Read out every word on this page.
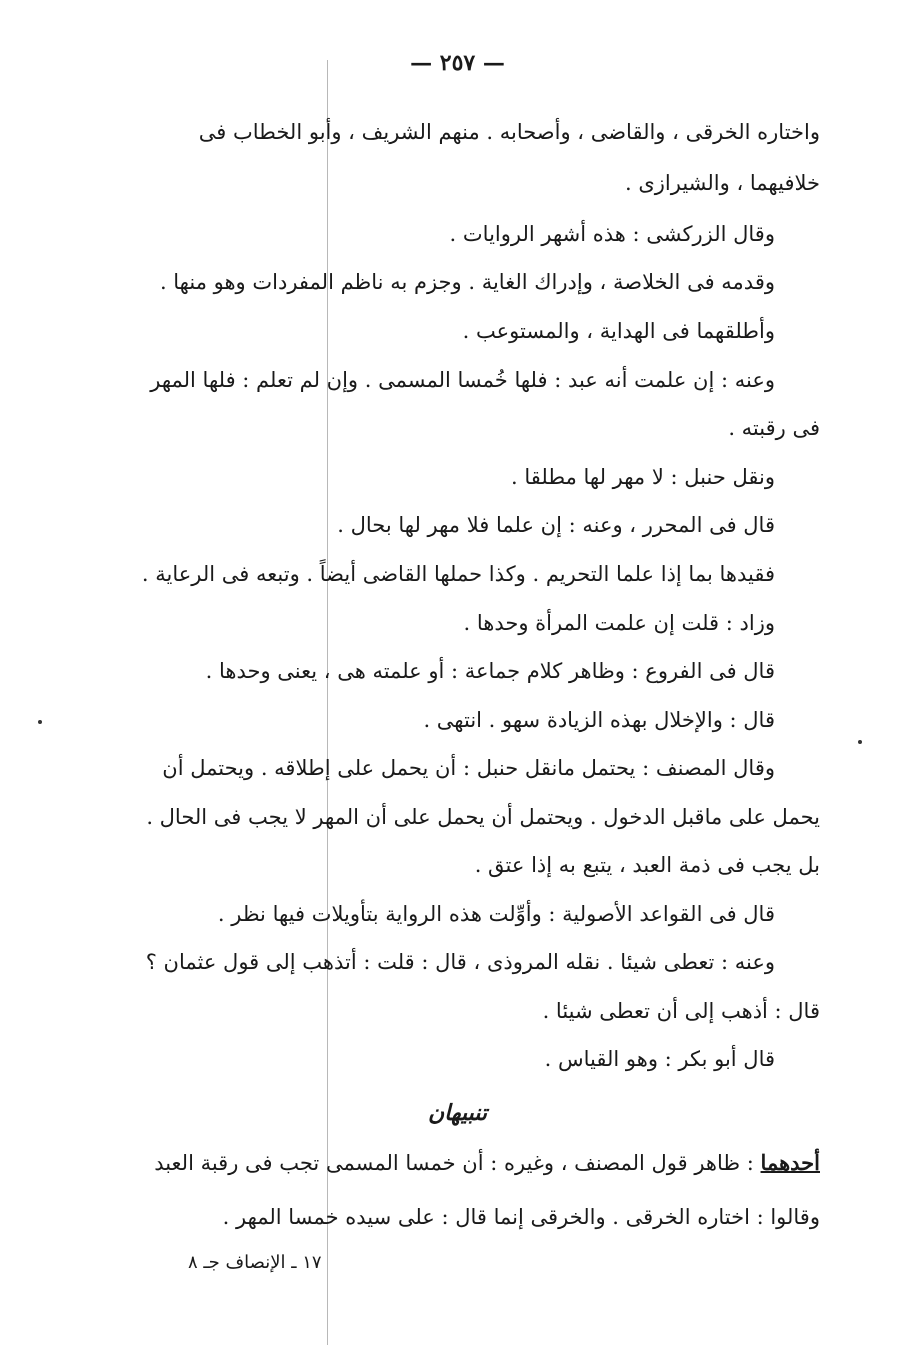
— ٢٥٧ —
واختاره الخرقى ، والقاضى ، وأصحابه . منهم الشريف ، وأبو الخطاب فى
خلافيهما ، والشيرازى .
وقال الزركشى : هذه أشهر الروايات .
وقدمه فى الخلاصة ، وإدراك الغاية . وجزم به ناظم المفردات وهو منها .
وأطلقهما فى الهداية ، والمستوعب .
وعنه : إن علمت أنه عبد : فلها خُمسا المسمى . وإن لم تعلم : فلها المهر
فى رقبته .
ونقل حنبل : لا مهر لها مطلقا .
قال فى المحرر ، وعنه : إن علما فلا مهر لها بحال .
فقيدها بما إذا علما التحريم . وكذا حملها القاضى أيضاً . وتبعه فى الرعاية .
وزاد : قلت إن علمت المرأة وحدها .
قال فى الفروع : وظاهر كلام جماعة : أو علمته هى ، يعنى وحدها .
قال : والإخلال بهذه الزيادة سهو . انتهى .
وقال المصنف : يحتمل مانقل حنبل : أن يحمل على إطلاقه . ويحتمل أن
يحمل على ماقبل الدخول . ويحتمل أن يحمل على أن المهر لا يجب فى الحال .
بل يجب فى ذمة العبد ، يتبع به إذا عتق .
قال فى القواعد الأصولية : وأوِّلت هذه الرواية بتأويلات فيها نظر .
وعنه : تعطى شيئا . نقله المروذى ، قال : قلت : أتذهب إلى قول عثمان ؟
قال : أذهب إلى أن تعطى شيئا .
قال أبو بكر : وهو القياس .
تنبيهان
أحدهما : ظاهر قول المصنف ، وغيره : أن خمسا المسمى تجب فى رقبة العبد
وقالوا : اختاره الخرقى . والخرقى إنما قال : على سيده خمسا المهر .
١٧ ـ الإنصاف جـ ٨
